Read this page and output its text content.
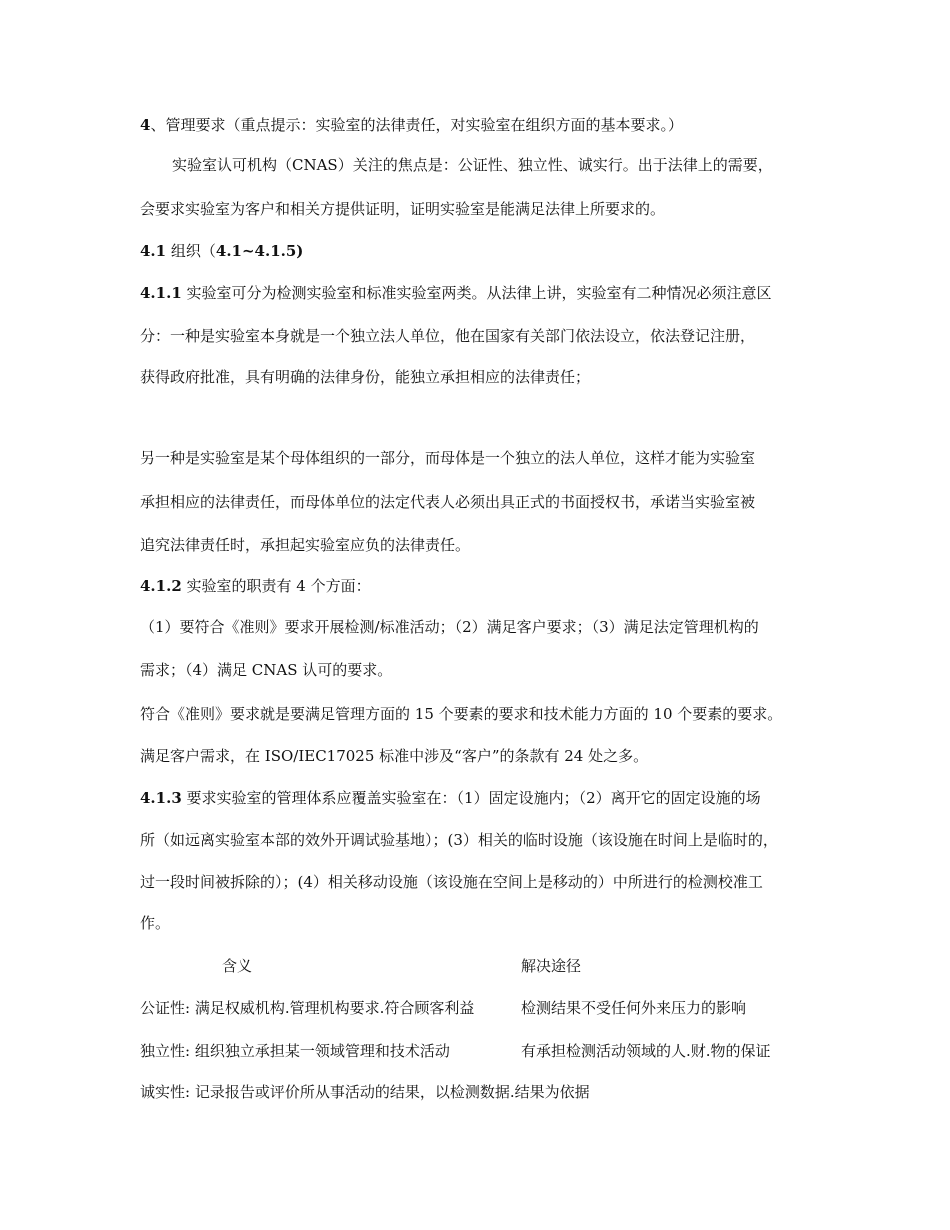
4、管理要求（重点提示：实验室的法律责任，对实验室在组织方面的基本要求。）
实验室认可机构（CNAS）关注的焦点是：公证性、独立性、诚实行。出于法律上的需要，
会要求实验室为客户和相关方提供证明，证明实验室是能满足法律上所要求的。
4.1 组织（4.1~4.1.5)
4.1.1 实验室可分为检测实验室和标准实验室两类。从法律上讲，实验室有二种情况必须注意区
分：一种是实验室本身就是一个独立法人单位，他在国家有关部门依法设立，依法登记注册，
获得政府批准，具有明确的法律身份，能独立承担相应的法律责任；
另一种是实验室是某个母体组织的一部分，而母体是一个独立的法人单位，这样才能为实验室
承担相应的法律责任，而母体单位的法定代表人必须出具正式的书面授权书，承诺当实验室被
追究法律责任时，承担起实验室应负的法律责任。
4.1.2 实验室的职责有 4 个方面：
（1）要符合《准则》要求开展检测/标准活动；（2）满足客户要求；（3）满足法定管理机构的
需求；（4）满足 CNAS 认可的要求。
符合《准则》要求就是要满足管理方面的 15 个要素的要求和技术能力方面的 10 个要素的要求。
满足客户需求，在 ISO/IEC17025 标准中涉及“客户”的条款有 24 处之多。
4.1.3 要求实验室的管理体系应覆盖实验室在：（1）固定设施内；（2）离开它的固定设施的场
所（如远离实验室本部的效外开调试验基地）；(3）相关的临时设施（该设施在时间上是临时的，
过一段时间被拆除的）；(4）相关移动设施（该设施在空间上是移动的）中所进行的检测校准工
作。
含义	解决途径
公证性: 满足权威机构.管理机构要求.符合顾客利益	检测结果不受任何外来压力的影响
独立性: 组织独立承担某一领域管理和技术活动	有承担检测活动领域的人.财.物的保证
诚实性: 记录报告或评价所从事活动的结果，以检测数据.结果为依据
